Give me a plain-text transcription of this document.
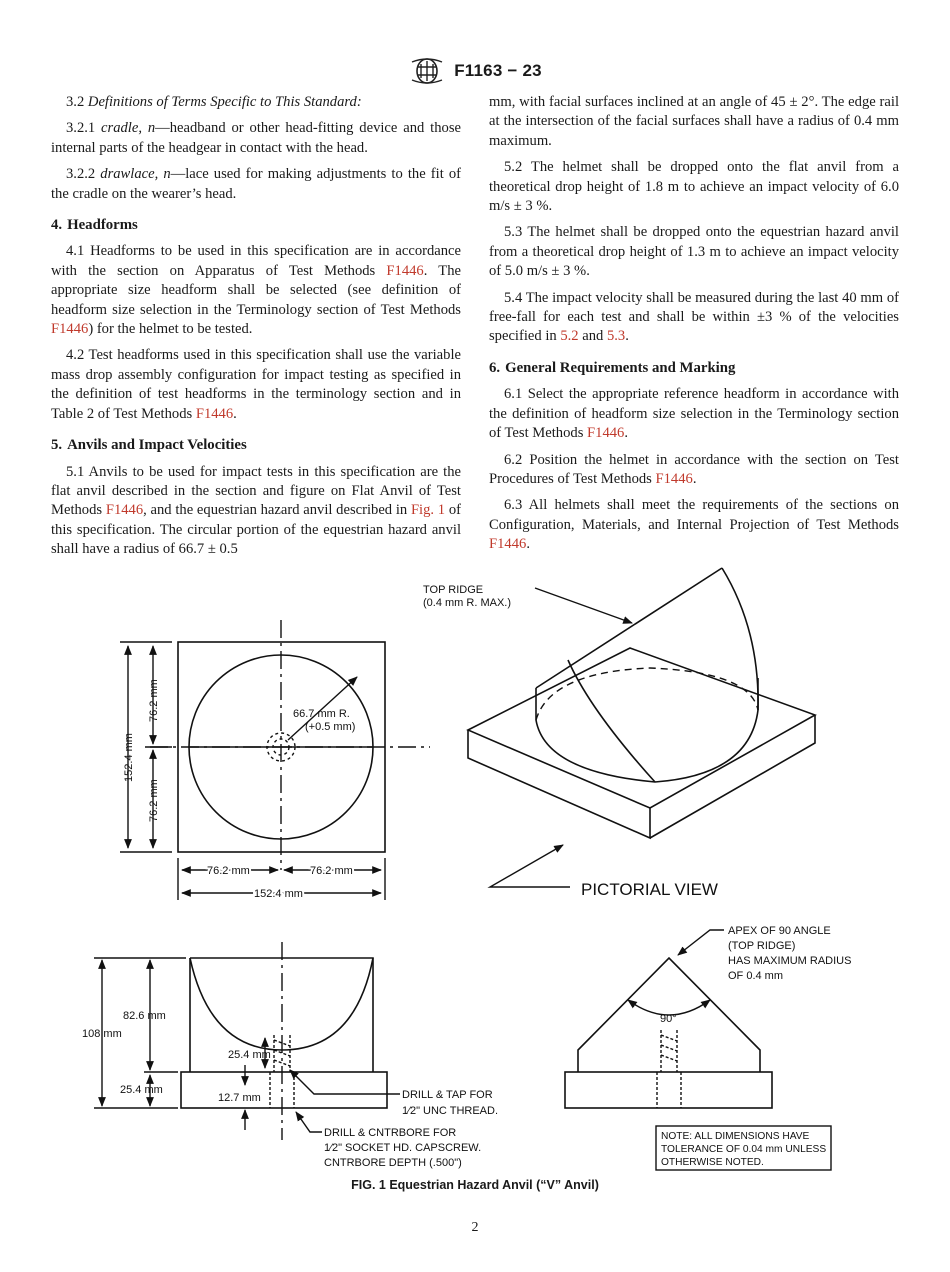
F1163 − 23

3.2 Definitions of Terms Specific to This Standard:

3.2.1 cradle, n—headband or other head-fitting device and those internal parts of the headgear in contact with the head.

3.2.2 drawlace, n—lace used for making adjustments to the fit of the cradle on the wearer’s head.

4. Headforms

4.1 Headforms to be used in this specification are in accordance with the section on Apparatus of Test Methods F1446. The appropriate size headform shall be selected (see definition of headform size selection in the Terminology section of Test Methods F1446) for the helmet to be tested.

4.2 Test headforms used in this specification shall use the variable mass drop assembly configuration for impact testing as specified in the definition of test headforms in the terminology section and in Table 2 of Test Methods F1446.

5. Anvils and Impact Velocities

5.1 Anvils to be used for impact tests in this specification are the flat anvil described in the section and figure on Flat Anvil of Test Methods F1446, and the equestrian hazard anvil described in Fig. 1 of this specification. The circular portion of the equestrian hazard anvil shall have a radius of 66.7 ± 0.5

mm, with facial surfaces inclined at an angle of 45 ± 2°. The edge rail at the intersection of the facial surfaces shall have a radius of 0.4 mm maximum.

5.2 The helmet shall be dropped onto the flat anvil from a theoretical drop height of 1.8 m to achieve an impact velocity of 6.0 m/s ± 3 %.

5.3 The helmet shall be dropped onto the equestrian hazard anvil from a theoretical drop height of 1.3 m to achieve an impact velocity of 5.0 m/s ± 3 %.

5.4 The impact velocity shall be measured during the last 40 mm of free-fall for each test and shall be within ±3 % of the velocities specified in 5.2 and 5.3.

6. General Requirements and Marking

6.1 Select the appropriate reference headform in accordance with the definition of headform size selection in the Terminology section of Test Methods F1446.

6.2 Position the helmet in accordance with the section on Test Procedures of Test Methods F1446.

6.3 All helmets shall meet the requirements of the sections on Configuration, Materials, and Internal Projection of Test Methods F1446.

TOP RIDGE
(0.4 mm R. MAX.)
152.4 mm
76.2 mm
76.2 mm
66.7 mm R.
(+0.5 mm)
76.2 mm	76.2 mm
152.4 mm	PICTORIAL VIEW
108 mm
82.6 mm
25.4 mm
25.4 mm
12.7 mm	DRILL & TAP FOR
1⁄2" UNC THREAD.
DRILL & CNTRBORE FOR
1⁄2" SOCKET HD. CAPSCREW.
CNTRBORE DEPTH (.500")
APEX OF 90 ANGLE
(TOP RIDGE)
HAS MAXIMUM RADIUS
OF 0.4 mm
90°
NOTE: ALL DIMENSIONS HAVE
TOLERANCE OF 0.04 mm UNLESS
OTHERWISE NOTED.
FIG. 1 Equestrian Hazard Anvil (“V” Anvil)
2
